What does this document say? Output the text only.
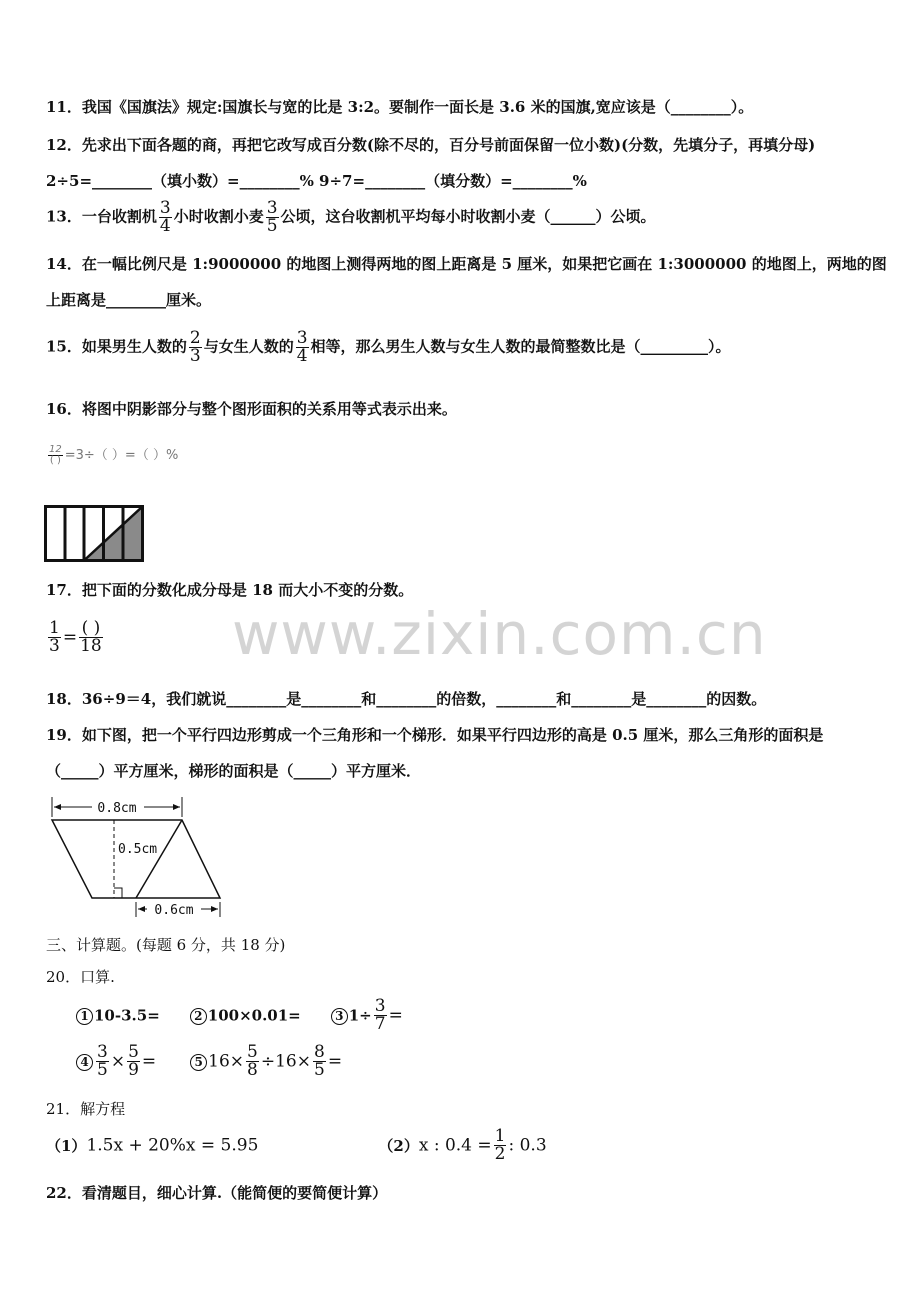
www.zixin.com.cn
11．我国《国旗法》规定:国旗长与宽的比是 3:2。要制作一面长是 3.6 米的国旗,宽应该是（________）。
12．先求出下面各题的商，再把它改写成百分数(除不尽的，百分号前面保留一位小数)(分数，先填分子，再填分母)
2÷5=________（填小数）=________% 9÷7=________（填分数）=________%
13．一台收割机 $\frac{3}{4}$ 小时收割小麦 $\frac{3}{5}$ 公顷，这台收割机平均每小时收割小麦（______）公顷。
14．在一幅比例尺是 1:9000000 的地图上测得两地的图上距离是 5 厘米，如果把它画在 1:3000000 的地图上，两地的图
上距离是________厘米。
15．如果男生人数的 $\frac{2}{3}$ 与女生人数的 $\frac{3}{4}$ 相等，那么男生人数与女生人数的最简整数比是（_________）。
16．将图中阴影部分与整个图形面积的关系用等式表示出来。
$\frac{12}{( )} =3\div$（ ）=（ ）%
17．把下面的分数化成分母是 18 而大小不变的分数。
$\frac{1}{3} = \frac{( )}{18}$
18．36÷9＝4，我们就说________是________和________的倍数，________和________是________的因数。
19．如下图，把一个平行四边形剪成一个三角形和一个梯形．如果平行四边形的高是 0.5 厘米，那么三角形的面积是
（_____）平方厘米，梯形的面积是（_____）平方厘米．
0.8cm
0.5cm
0.6cm
三、计算题。(每题 6 分，共 18 分)
20．口算.
1 10-3.5=	2 100×0.01=	3 $1\div \frac{3}{7}$ =
$4 \frac{3}{5} \times \frac{5}{9}$ =	5 $16\times \frac{5}{8} \div 16\times \frac{8}{5}$ =
21．解方程
（1）1.5x + 20%x = 5.95	（2）x : $0.4 = \frac{1}{2}$ : 0.3
22．看清题目，细心计算.（能简便的要简便计算）
